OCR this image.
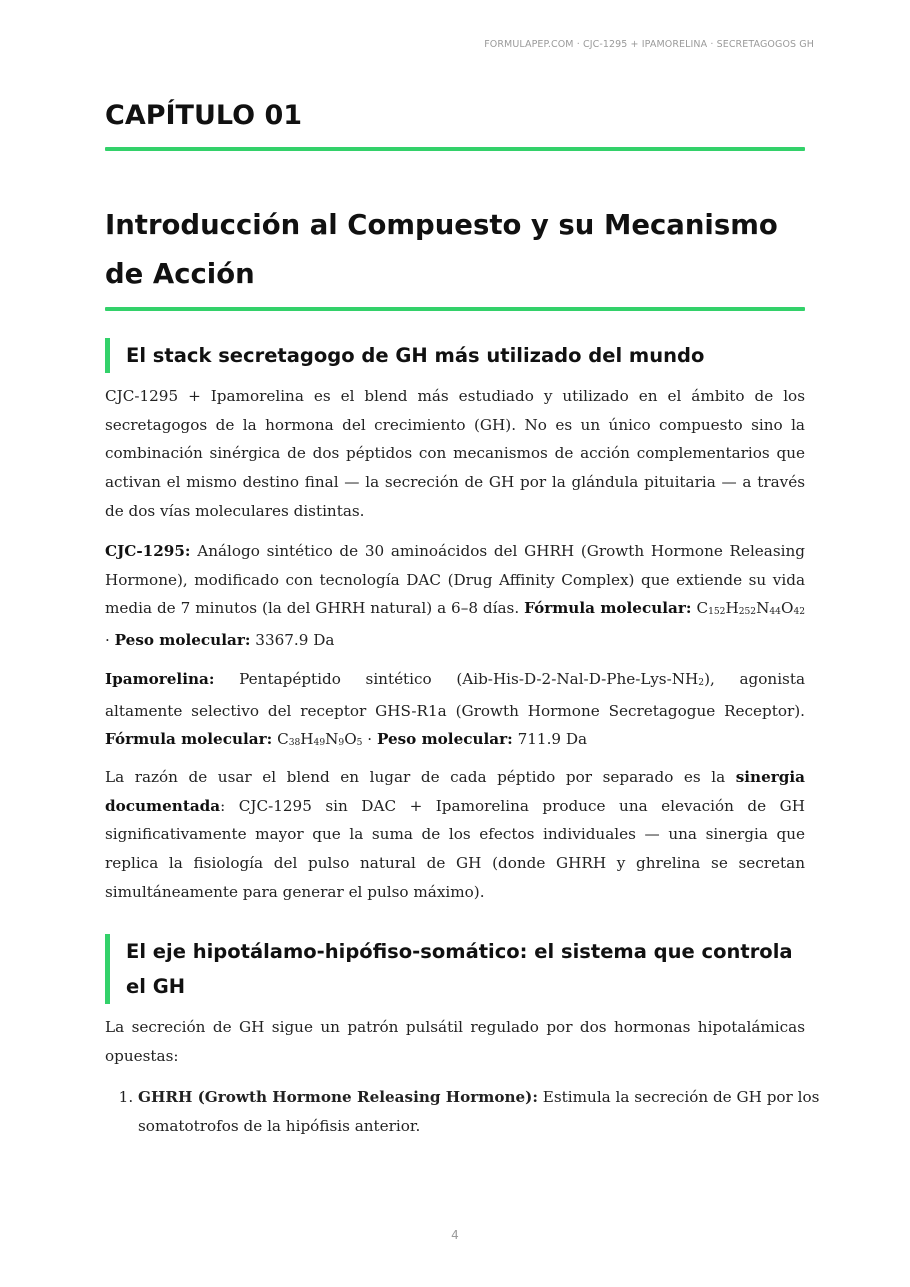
FORMULAPEP.COM · CJC-1295 + IPAMORELINA · SECRETAGOGOS GH
CAPÍTULO 01
Introducción al Compuesto y su Mecanismo de Acción
El stack secretagogo de GH más utilizado del mundo

CJC-1295 + Ipamorelina es el blend más estudiado y utilizado en el ámbito de los secretagogos de la hormona del crecimiento (GH). No es un único compuesto sino la combinación sinérgica de dos péptidos con mecanismos de acción complementarios que activan el mismo destino final — la secreción de GH por la glándula pituitaria — a través de dos vías moleculares distintas.

CJC-1295: Análogo sintético de 30 aminoácidos del GHRH (Growth Hormone Releasing Hormone), modificado con tecnología DAC (Drug Affinity Complex) que extiende su vida media de 7 minutos (la del GHRH natural) a 6–8 días. Fórmula molecular: $C_{152}H_{252}N_{44}O_{42}$ · Peso molecular: 3367.9 Da

Ipamorelina: Pentapéptido sintético $(Aib-His-D-2-Nal-D-Phe-Lys-NH_2)$, agonista altamente selectivo del receptor GHS-R1a (Growth Hormone Secretagogue Receptor). Fórmula molecular: $C_{38}H_{49}N_9O_5$ · Peso molecular: 711.9 Da

La razón de usar el blend en lugar de cada péptido por separado es la sinergia documentada: CJC-1295 sin DAC + Ipamorelina produce una elevación de GH significativamente mayor que la suma de los efectos individuales — una sinergia que replica la fisiología del pulso natural de GH (donde GHRH y ghrelina se secretan simultáneamente para generar el pulso máximo).

El eje hipotálamo-hipófiso-somático: el sistema que controla el GH

La secreción de GH sigue un patrón pulsátil regulado por dos hormonas hipotalámicas opuestas:

1. GHRH (Growth Hormone Releasing Hormone): Estimula la secreción de GH por los somatotrofos de la hipófisis anterior.
4
